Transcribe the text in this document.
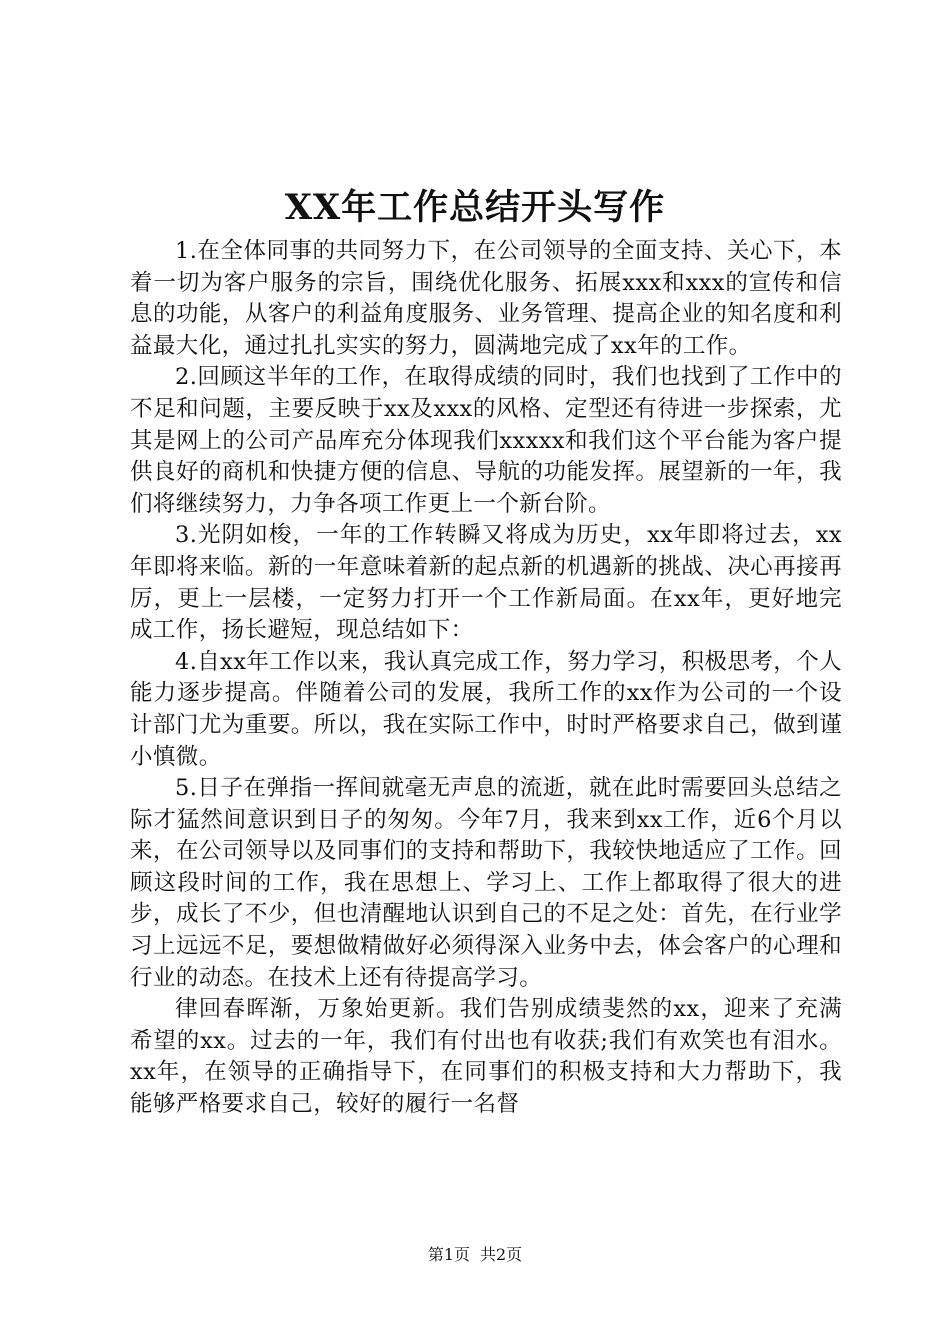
XX年工作总结开头写作

1.在全体同事的共同努力下，在公司领导的全面支持、关心下，本着一切为客户服务的宗旨，围绕优化服务、拓展xxx和xxx的宣传和信息的功能，从客户的利益角度服务、业务管理、提高企业的知名度和利益最大化，通过扎扎实实的努力，圆满地完成了xx年的工作。

2.回顾这半年的工作，在取得成绩的同时，我们也找到了工作中的不足和问题，主要反映于xx及xxx的风格、定型还有待进一步探索，尤其是网上的公司产品库充分体现我们xxxxx和我们这个平台能为客户提供良好的商机和快捷方便的信息、导航的功能发挥。展望新的一年，我们将继续努力，力争各项工作更上一个新台阶。

3.光阴如梭，一年的工作转瞬又将成为历史，xx年即将过去，xx年即将来临。新的一年意味着新的起点新的机遇新的挑战、决心再接再厉，更上一层楼，一定努力打开一个工作新局面。在xx年，更好地完成工作，扬长避短，现总结如下：

4.自xx年工作以来，我认真完成工作，努力学习，积极思考，个人能力逐步提高。伴随着公司的发展，我所工作的xx作为公司的一个设计部门尤为重要。所以，我在实际工作中，时时严格要求自己，做到谨小慎微。

5.日子在弹指一挥间就毫无声息的流逝，就在此时需要回头总结之际才猛然间意识到日子的匆匆。今年7月，我来到xx工作，近6个月以来，在公司领导以及同事们的支持和帮助下，我较快地适应了工作。回顾这段时间的工作，我在思想上、学习上、工作上都取得了很大的进步，成长了不少，但也清醒地认识到自己的不足之处：首先，在行业学习上远远不足，要想做精做好必须得深入业务中去，体会客户的心理和行业的动态。在技术上还有待提高学习。

律回春晖渐，万象始更新。我们告别成绩斐然的xx，迎来了充满希望的xx。过去的一年，我们有付出也有收获;我们有欢笑也有泪水。xx年，在领导的正确指导下，在同事们的积极支持和大力帮助下，我能够严格要求自己，较好的履行一名督

第1页 共2页
